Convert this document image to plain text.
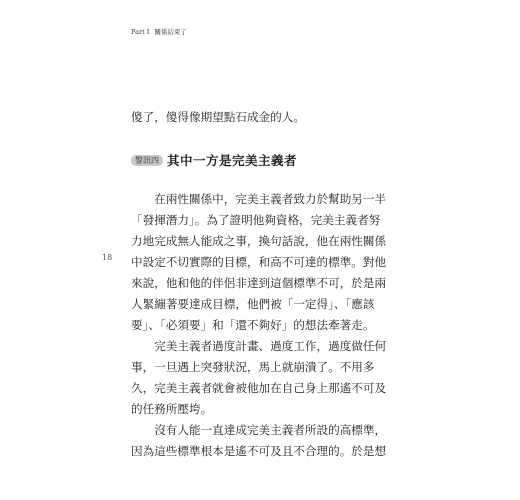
Part I 關係結束了
傻了，傻得像期望點石成金的人。
警訊四 其中一方是完美主義者
18
　　在兩性關係中，完美主義者致力於幫助另一半
「發揮潛力」。為了證明他夠資格，完美主義者努
力地完成無人能成之事，換句話說，他在兩性關係
中設定不切實際的目標，和高不可達的標準。對他
來說，他和他的伴侶非達到這個標準不可，於是兩
人緊繃著要達成目標，他們被「一定得」、「應該
要」、「必須要」和「還不夠好」的想法牽著走。
　　完美主義者過度計畫、過度工作，過度做任何
事，一旦遇上突發狀況，馬上就崩潰了。不用多
久，完美主義者就會被他加在自己身上那遙不可及
的任務所壓垮。
　　沒有人能一直達成完美主義者所設的高標準，
因為這些標準根本是遙不可及且不合理的。於是想
